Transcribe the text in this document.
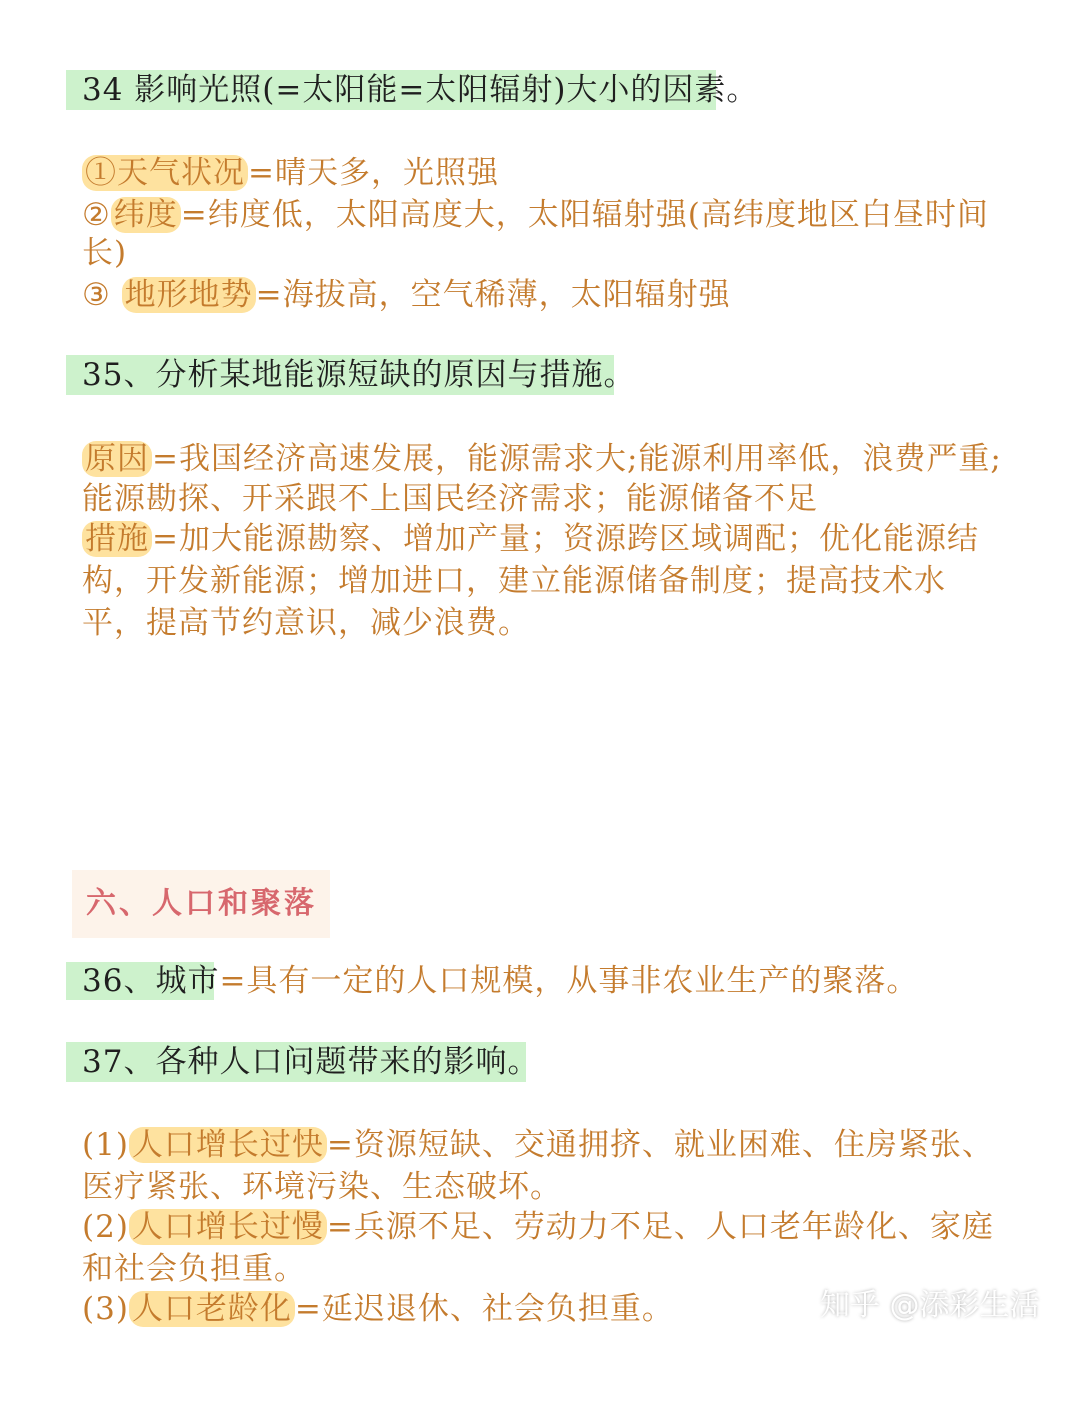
34 影响光照(=太阳能=太阳辐射)大小的因素。

①天气状况=晴天多，光照强

②纬度=纬度低，太阳高度大，太阳辐射强(高纬度地区白昼时间

长)

③ 地形地势=海拔高，空气稀薄，太阳辐射强

35、分析某地能源短缺的原因与措施。

原因=我国经济高速发展，能源需求大;能源利用率低，浪费严重;

能源勘探、开采跟不上国民经济需求；能源储备不足

措施=加大能源勘察、增加产量；资源跨区域调配；优化能源结

构，开发新能源；增加进口，建立能源储备制度；提高技术水

平，提高节约意识，减少浪费。

六、人口和聚落

36、城市=具有一定的人口规模，从事非农业生产的聚落。

37、各种人口问题带来的影响。

(1)人口增长过快=资源短缺、交通拥挤、就业困难、住房紧张、

医疗紧张、环境污染、生态破坏。

(2)人口增长过慢=兵源不足、劳动力不足、人口老年龄化、家庭

和社会负担重。

(3)人口老龄化=延迟退休、社会负担重。	知乎 @添彩生活
